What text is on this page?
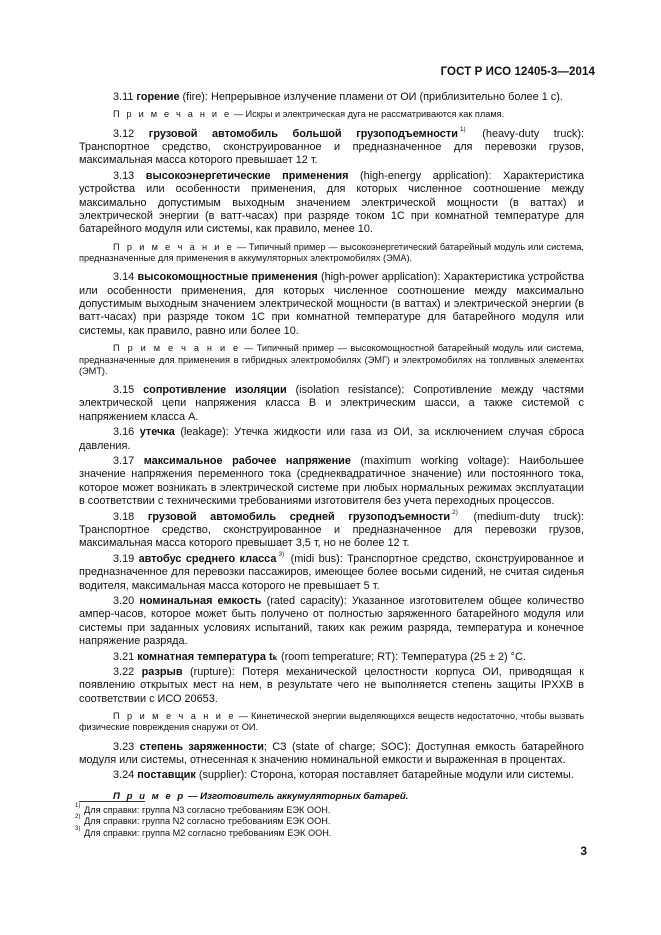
ГОСТ Р ИСО 12405-3—2014

3.11 горение (fire): Непрерывное излучение пламени от ОИ (приблизительно более 1 с).

П р и м е ч а н и е — Искры и электрическая дуга не рассматриваются как пламя.

3.12 грузовой автомобиль большой грузоподъемности $^{1)}$ (heavy-duty truck): Транспортное средство, сконструированное и предназначенное для перевозки грузов, максимальная масса которого превышает 12 т.

3.13 высокоэнергетические применения (high-energy application): Характеристика устройства или особенности применения, для которых численное соотношение между максимально допустимым выходным значением электрической мощности (в ваттах) и электрической энергии (в ватт-часах) при разряде током 1С при комнатной температуре для батарейного модуля или системы, как правило, менее 10.

П р и м е ч а н и е — Типичный пример — высокоэнергетический батарейный модуль или система, предназначенные для применения в аккумуляторных электромобилях (ЭМА).

3.14 высокомощностные применения (high-power application): Характеристика устройства или особенности применения, для которых численное соотношение между максимально допустимым выходным значением электрической мощности (в ваттах) и электрической энергии (в ватт-часах) при разряде током 1С при комнатной температуре для батарейного модуля или системы, как правило, равно или более 10.

П р и м е ч а н и е — Типичный пример — высокомощностной батарейный модуль или система, предназначенные для применения в гибридных электромобилях (ЭМГ) и электромобилях на топливных элементах (ЭМТ).

3.15 сопротивление изоляции (isolation resistance): Сопротивление между частями электрической цепи напряжения класса В и электрическим шасси, а также системой с напряжением класса А.

3.16 утечка (leakage): Утечка жидкости или газа из ОИ, за исключением случая сброса давления.

3.17 максимальное рабочее напряжение (maximum working voltage): Наибольшее значение напряжения переменного тока (среднеквадратичное значение) или постоянного тока, которое может возникать в электрической системе при любых нормальных режимах эксплуатации в соответствии с техническими требованиями изготовителя без учета переходных процессов.

3.18 грузовой автомобиль средней грузоподъемности $^{2)}$ (medium-duty truck): Транспортное средство, сконструированное и предназначенное для перевозки грузов, максимальная масса которого превышает 3,5 т, но не более 12 т.

3.19 автобус среднего класса $^{3)}$ (midi bus): Транспортное средство, сконструированное и предназначенное для перевозки пассажиров, имеющее более восьми сидений, не считая сиденья водителя, максимальная масса которого не превышает 5 т.

3.20 номинальная емкость (rated capacity): Указанное изготовителем общее количество ампер-часов, которое может быть получено от полностью заряженного батарейного модуля или системы при заданных условиях испытаний, таких как режим разряда, температура и конечное напряжение разряда.

3.21 комнатная температура tₖ (room temperature; RT): Температура (25 ± 2) °С.

3.22 разрыв (rupture): Потеря механической целостности корпуса ОИ, приводящая к появлению открытых мест на нем, в результате чего не выполняется степень защиты IPXXB в соответствии с ИСО 20653.

П р и м е ч а н и е — Кинетической энергии выделяющихся веществ недостаточно, чтобы вызвать физические повреждения снаружи от ОИ.

3.23 степень заряженности; СЗ (state of charge; SOC): Доступная емкость батарейного модуля или системы, отнесенная к значению номинальной емкости и выраженная в процентах.

3.24 поставщик (supplier): Сторона, которая поставляет батарейные модули или системы.

П р и м е р — Изготовитель аккумуляторных батарей.

1) Для справки: группа N3 согласно требованиям ЕЭК ООН.
2) Для справки: группа N2 согласно требованиям ЕЭК ООН.
3) Для справки: группа M2 согласно требованиям ЕЭК ООН.
3
